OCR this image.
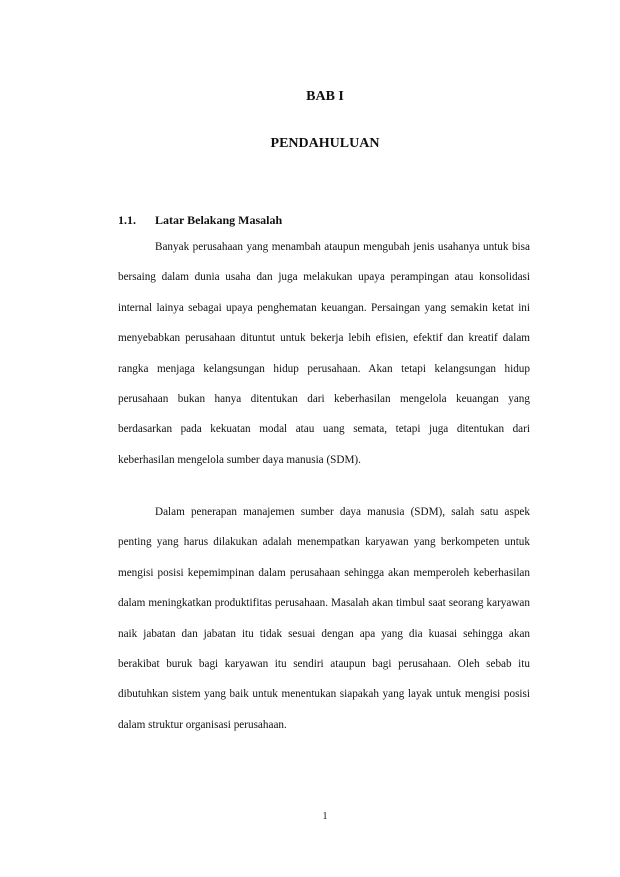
BAB I
PENDAHULUAN
1.1. Latar Belakang Masalah

Banyak perusahaan yang menambah ataupun mengubah jenis usahanya untuk bisa bersaing dalam dunia usaha dan juga melakukan upaya perampingan atau konsolidasi internal lainya sebagai upaya penghematan keuangan. Persaingan yang semakin ketat ini menyebabkan perusahaan dituntut untuk bekerja lebih efisien, efektif dan kreatif dalam rangka menjaga kelangsungan hidup perusahaan. Akan tetapi kelangsungan hidup perusahaan bukan hanya ditentukan dari keberhasilan mengelola keuangan yang berdasarkan pada kekuatan modal atau uang semata, tetapi juga ditentukan dari keberhasilan mengelola sumber daya manusia (SDM).

Dalam penerapan manajemen sumber daya manusia (SDM), salah satu aspek penting yang harus dilakukan adalah menempatkan karyawan yang berkompeten untuk mengisi posisi kepemimpinan dalam perusahaan sehingga akan memperoleh keberhasilan dalam meningkatkan produktifitas perusahaan. Masalah akan timbul saat seorang karyawan naik jabatan dan jabatan itu tidak sesuai dengan apa yang dia kuasai sehingga akan berakibat buruk bagi karyawan itu sendiri ataupun bagi perusahaan. Oleh sebab itu dibutuhkan sistem yang baik untuk menentukan siapakah yang layak untuk mengisi posisi dalam struktur organisasi perusahaan.

1
